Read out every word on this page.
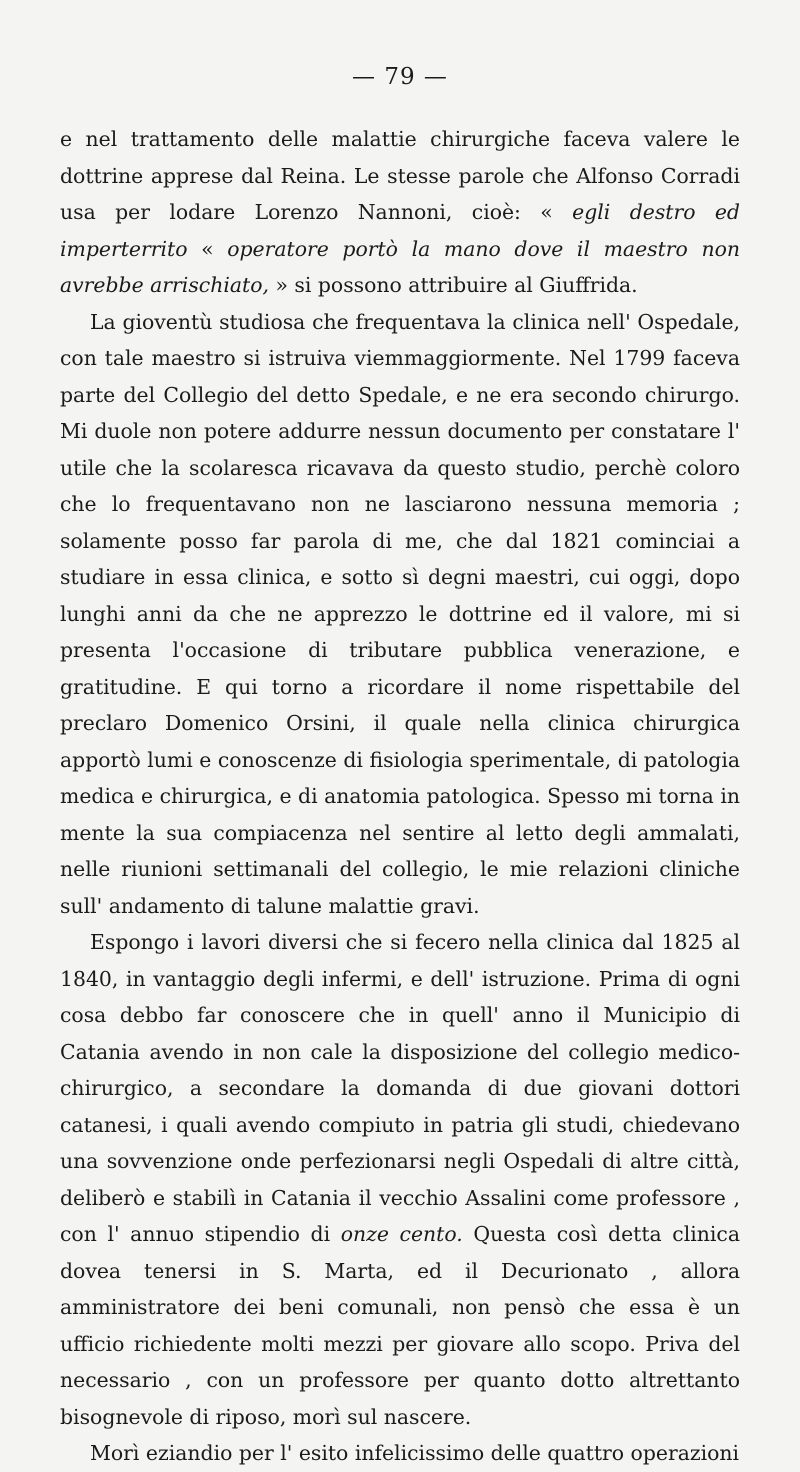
— 79 —

e nel trattamento delle malattie chirurgiche faceva valere le dottrine apprese dal Reina. Le stesse parole che Alfonso Corradi usa per lodare Lorenzo Nannoni, cioè: « egli destro ed imperterrito « operatore portò la mano dove il maestro non avrebbe arrischiato, » si possono attribuire al Giuffrida.

La gioventù studiosa che frequentava la clinica nell' Ospedale, con tale maestro si istruiva viemmaggiormente. Nel 1799 faceva parte del Collegio del detto Spedale, e ne era secondo chirurgo. Mi duole non potere addurre nessun documento per constatare l' utile che la scolaresca ricavava da questo studio, perchè coloro che lo frequentavano non ne lasciarono nessuna memoria ; solamente posso far parola di me, che dal 1821 cominciai a studiare in essa clinica, e sotto sì degni maestri, cui oggi, dopo lunghi anni da che ne apprezzo le dottrine ed il valore, mi si presenta l'occasione di tributare pubblica venerazione, e gratitudine. E qui torno a ricordare il nome rispettabile del preclaro Domenico Orsini, il quale nella clinica chirurgica apportò lumi e conoscenze di fisiologia sperimentale, di patologia medica e chirurgica, e di anatomia patologica. Spesso mi torna in mente la sua compiacenza nel sentire al letto degli ammalati, nelle riunioni settimanali del collegio, le mie relazioni cliniche sull' andamento di talune malattie gravi.

Espongo i lavori diversi che si fecero nella clinica dal 1825 al 1840, in vantaggio degli infermi, e dell' istruzione. Prima di ogni cosa debbo far conoscere che in quell' anno il Municipio di Catania avendo in non cale la disposizione del collegio medico-chirurgico, a secondare la domanda di due giovani dottori catanesi, i quali avendo compiuto in patria gli studi, chiedevano una sovvenzione onde perfezionarsi negli Ospedali di altre città, deliberò e stabilì in Catania il vecchio Assalini come professore , con l' annuo stipendio di onze cento. Questa così detta clinica dovea tenersi in S. Marta, ed il Decurionato , allora amministratore dei beni comunali, non pensò che essa è un ufficio richiedente molti mezzi per giovare allo scopo. Priva del necessario , con un professore per quanto dotto altrettanto bisognevole di riposo, morì sul nascere.

Morì eziandio per l' esito infelicissimo delle quattro operazioni
